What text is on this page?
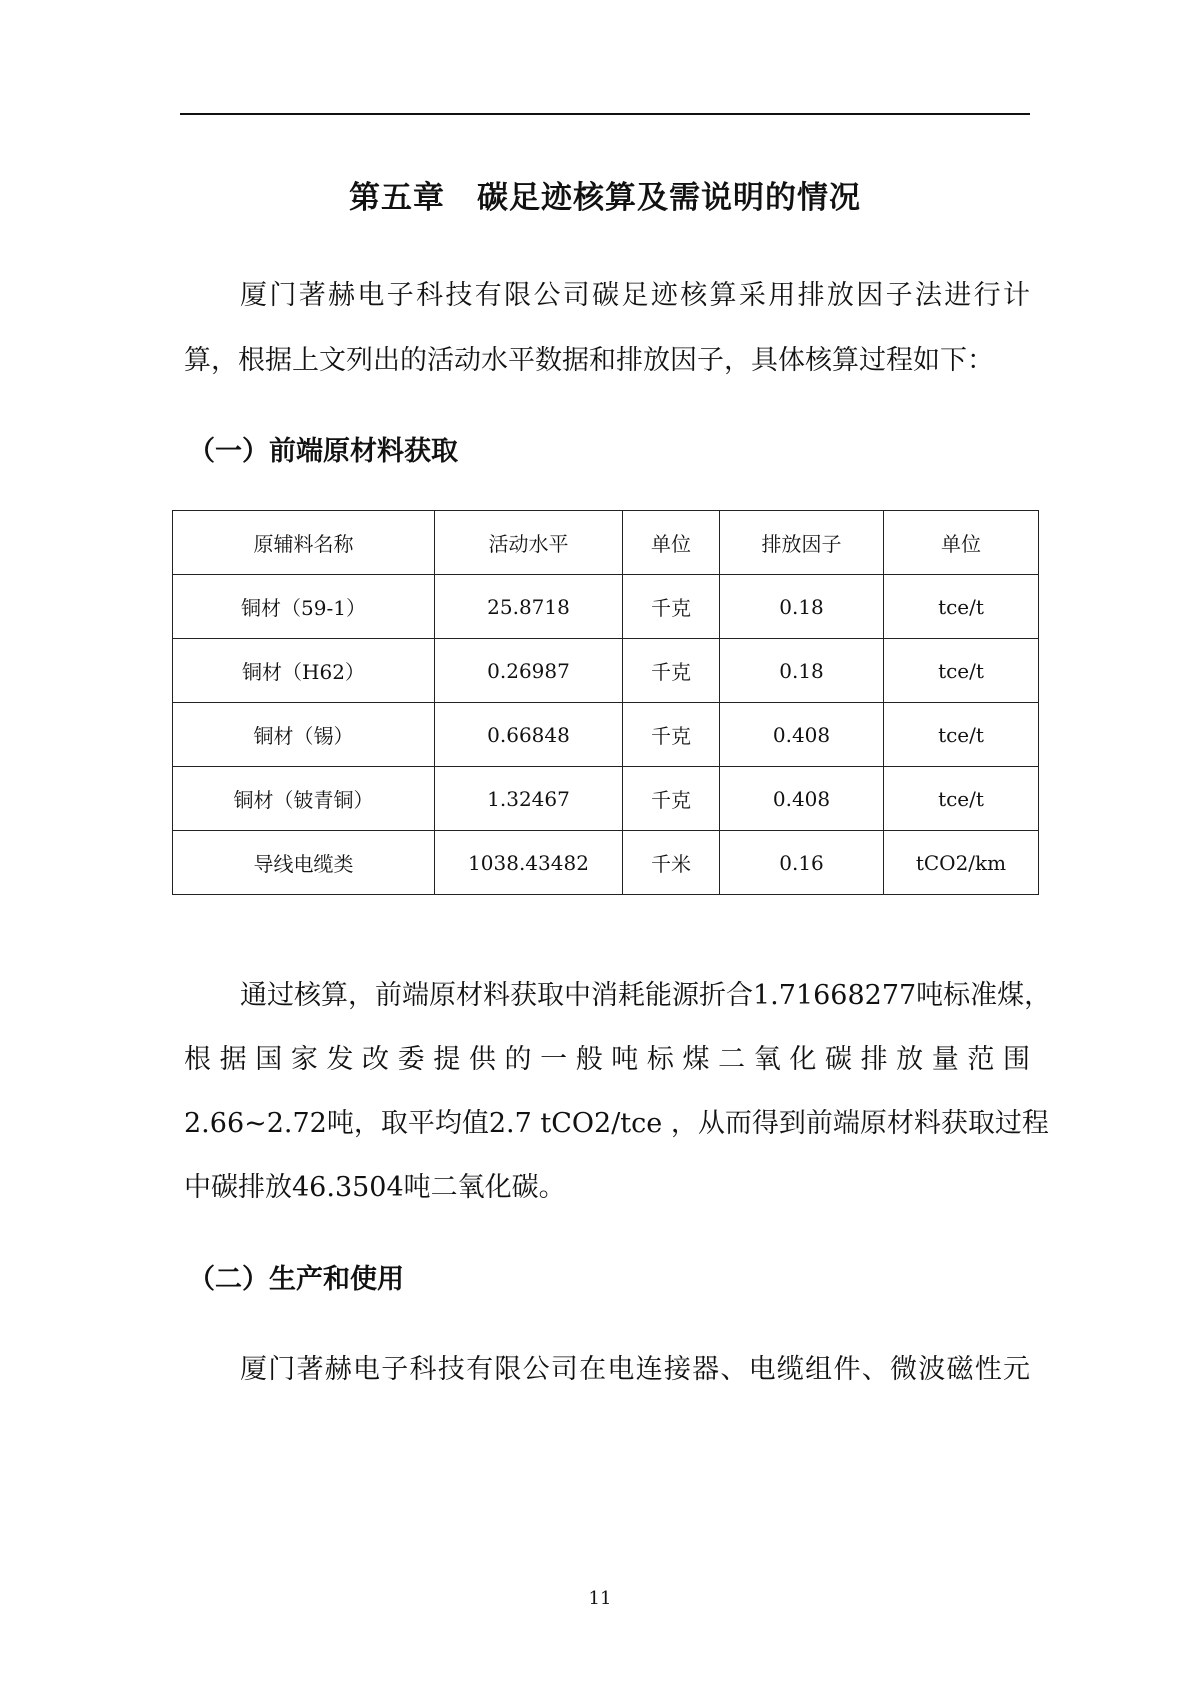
第五章　碳足迹核算及需说明的情况
厦门著赫电子科技有限公司碳足迹核算采用排放因子法进行计
算，根据上文列出的活动水平数据和排放因子，具体核算过程如下：
（一）前端原材料获取
原辅料名称	活动水平	单位	排放因子	单位
铜材（59-1）	25.8718	千克	0.18	tce/t
铜材（H62）	0.26987	千克	0.18	tce/t
铜材（锡）	0.66848	千克	0.408	tce/t
铜材（铍青铜）	1.32467	千克	0.408	tce/t
导线电缆类	1038.43482	千米	0.16	tCO2/km
通过核算，前端原材料获取中消耗能源折合1.71668277吨标准煤，
根据国家发改委提供的一般吨标煤二氧化碳排放量范围
2.66~2.72吨，取平均值2.7 tCO2/tce ，从而得到前端原材料获取过程
中碳排放46.3504吨二氧化碳。
（二）生产和使用
厦门著赫电子科技有限公司在电连接器、电缆组件、微波磁性元
11
